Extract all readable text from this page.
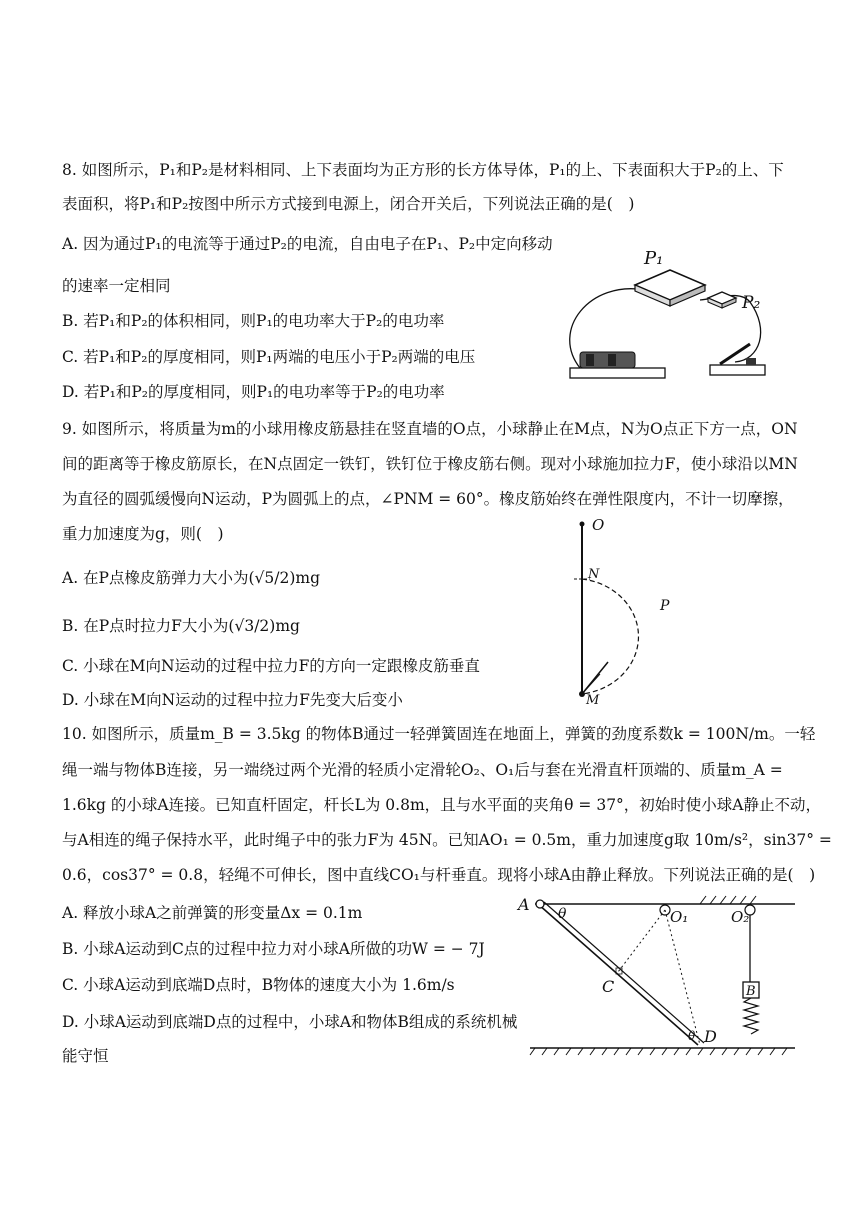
8. 如图所示，P₁和P₂是材料相同、上下表面均为正方形的长方体导体，P₁的上、下表面积大于P₂的上、下
表面积，将P₁和P₂按图中所示方式接到电源上，闭合开关后，下列说法正确的是(　)
A. 因为通过P₁的电流等于通过P₂的电流，自由电子在P₁、P₂中定向移动
的速率一定相同
B. 若P₁和P₂的体积相同，则P₁的电功率大于P₂的电功率
C. 若P₁和P₂的厚度相同，则P₁两端的电压小于P₂两端的电压
D. 若P₁和P₂的厚度相同，则P₁的电功率等于P₂的电功率
P₁
P₂
9. 如图所示，将质量为m的小球用橡皮筋悬挂在竖直墙的O点，小球静止在M点，N为O点正下方一点，ON
间的距离等于橡皮筋原长，在N点固定一铁钉，铁钉位于橡皮筋右侧。现对小球施加拉力F，使小球沿以MN
为直径的圆弧缓慢向N运动，P为圆弧上的点，∠PNM = 60°。橡皮筋始终在弹性限度内，不计一切摩擦，
重力加速度为g，则(　)
A. 在P点橡皮筋弹力大小为(√5/2)mg
B. 在P点时拉力F大小为(√3/2)mg
C. 小球在M向N运动的过程中拉力F的方向一定跟橡皮筋垂直
D. 小球在M向N运动的过程中拉力F先变大后变小
O
N
P
M
10. 如图所示，质量m_B = 3.5kg 的物体B通过一轻弹簧固连在地面上，弹簧的劲度系数k = 100N/m。一轻
绳一端与物体B连接，另一端绕过两个光滑的轻质小定滑轮O₂、O₁后与套在光滑直杆顶端的、质量m_A =
1.6kg 的小球A连接。已知直杆固定，杆长L为 0.8m，且与水平面的夹角θ = 37°，初始时使小球A静止不动，
与A相连的绳子保持水平，此时绳子中的张力F为 45N。已知AO₁ = 0.5m，重力加速度g取 10m/s²，sin37° =
0.6，cos37° = 0.8，轻绳不可伸长，图中直线CO₁与杆垂直。现将小球A由静止释放。下列说法正确的是(　)
A. 释放小球A之前弹簧的形变量Δx = 0.1m
B. 小球A运动到C点的过程中拉力对小球A所做的功W = − 7J
C. 小球A运动到底端D点时，B物体的速度大小为 1.6m/s
D. 小球A运动到底端D点的过程中，小球A和物体B组成的系统机械
能守恒
A θ	O₁	O₂
B
C
D
θ
